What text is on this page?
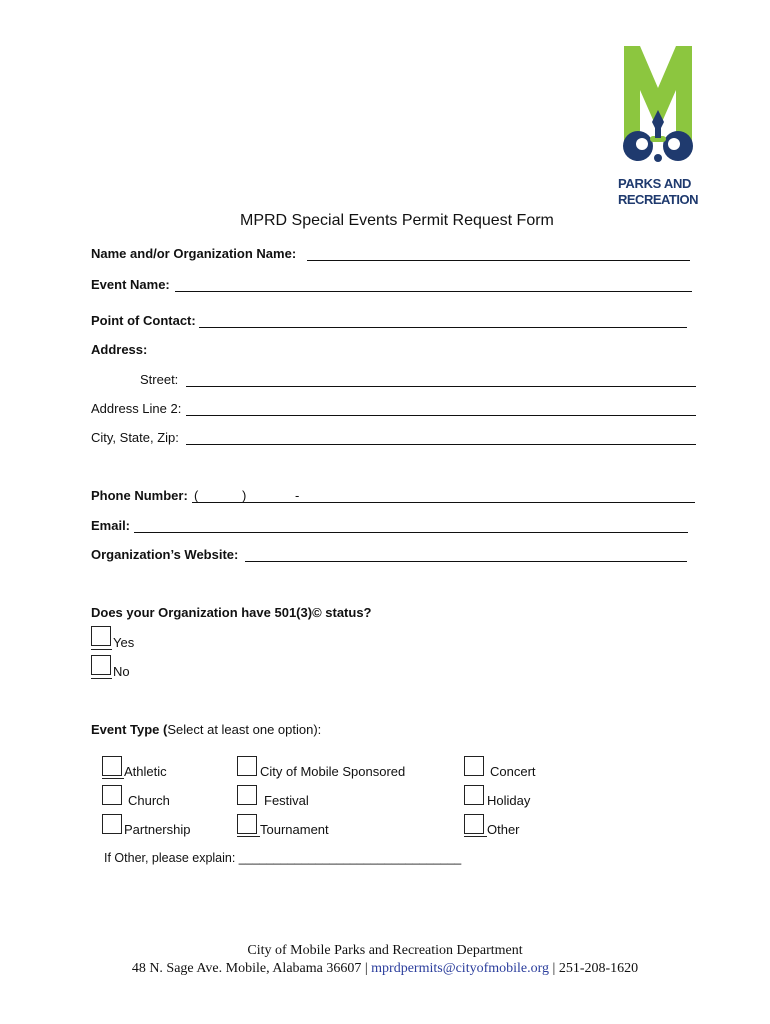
PARKS AND
RECREATION
MPRD Special Events Permit Request Form
Name and/or Organization Name:
Event Name:
Point of Contact:
Address:
Street:
Address Line 2:
City, State, Zip:
Phone Number: (	)	-
Email:
Organization’s Website:
Does your Organization have 501(3)© status?
Yes
No
Event Type (Select at least one option):
Athletic	City of Mobile Sponsored	Concert
Church	Festival	Holiday
Partnership	Tournament	Other
If Other, please explain: ________________________________
City of Mobile Parks and Recreation Department
48 N. Sage Ave. Mobile, Alabama 36607 | mprdpermits@cityofmobile.org | 251-208-1620
